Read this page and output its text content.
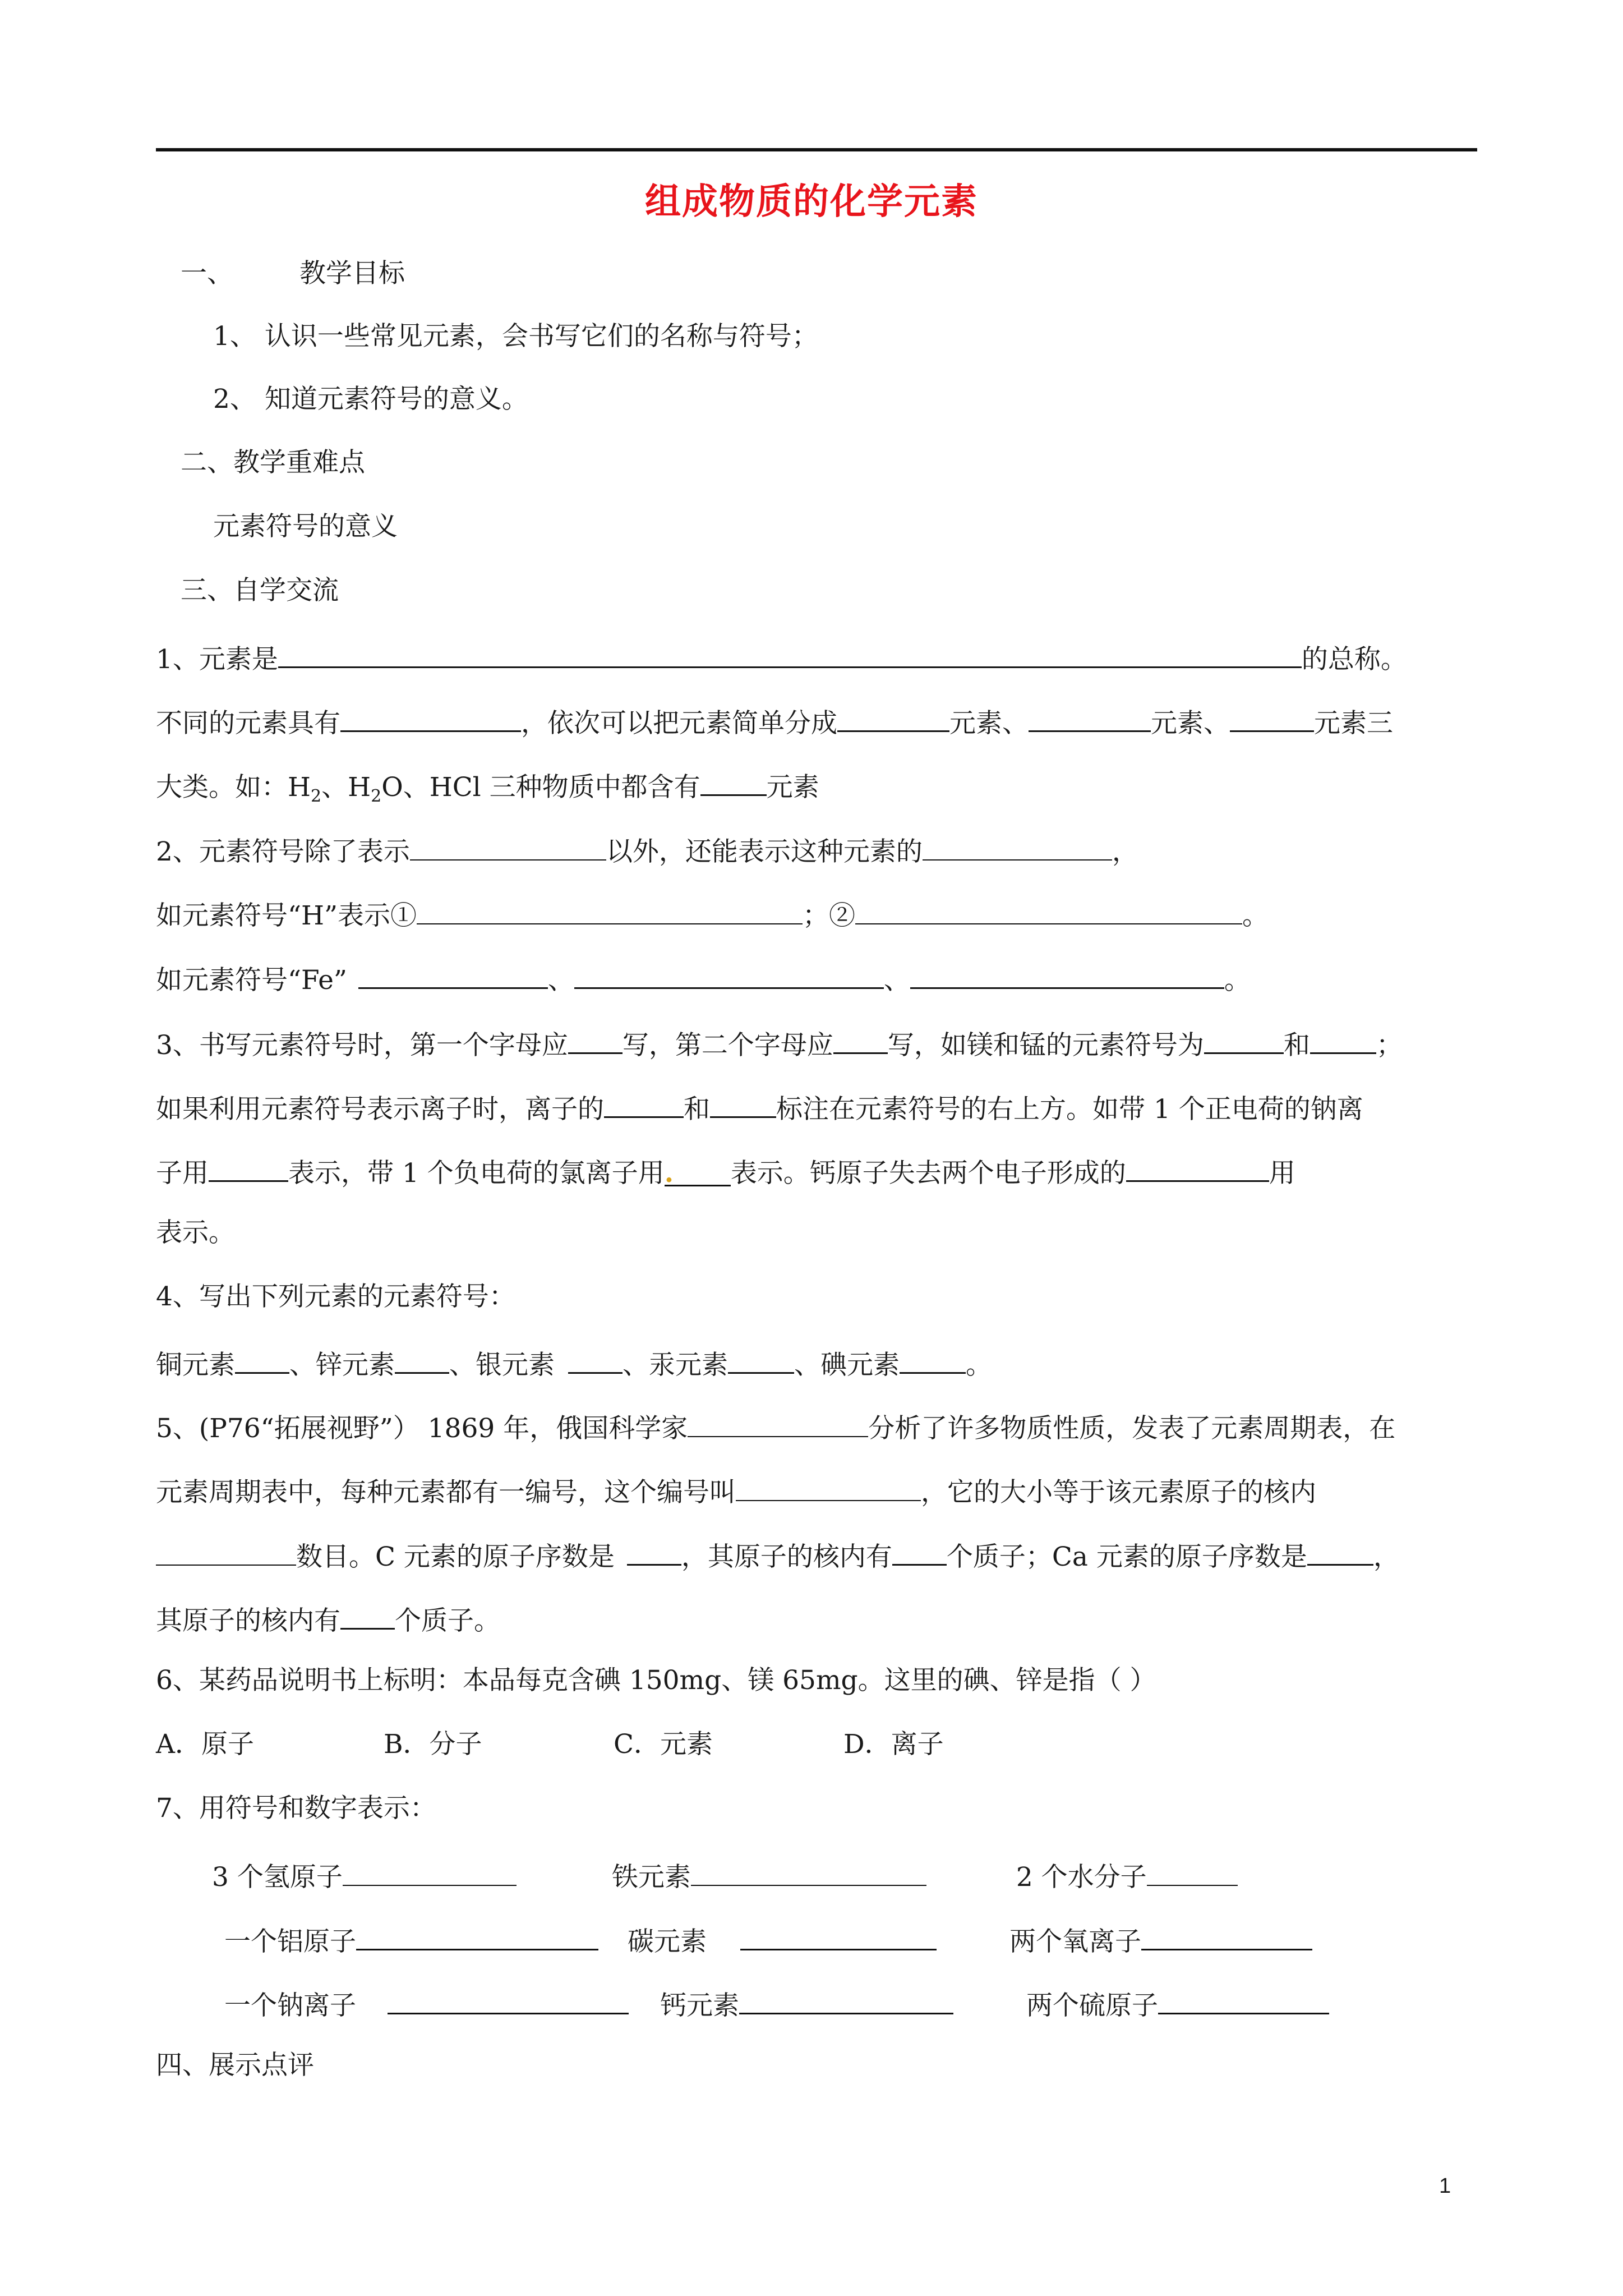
组成物质的化学元素
一、	教学目标
1、 认识一些常见元素，会书写它们的名称与符号；
2、 知道元素符号的意义。
二、教学重难点
元素符号的意义
三、自学交流
1、元素是	的总称。
不同的元素具有	，依次可以把元素简单分成	元素、	元素、	元素三
大类。如：$H_2$、$H_2O$、HCl 三种物质中都含有	元素
2、元素符号除了表示	以外，还能表示这种元素的	，
如元素符号“H”表示①	；②	。
如元素符号“Fe”	、	、	。
3、书写元素符号时，第一个字母应 写，第二个字母应 写，如镁和锰的元素符号为	和	；
如果利用元素符号表示离子时，离子的	和	标注在元素符号的右上方。如带 1 个正电荷的钠离
子用	表示，带 1 个负电荷的氯离子用. 表示。钙原子失去两个电子形成的	用
表示。
4、写出下列元素的元素符号：
铜元素 、锌元素 、银元素	、汞元素	、碘元素	。
5、(P76“拓展视野”） 1869 年，俄国科学家	分析了许多物质性质，发表了元素周期表，在
元素周期表中，每种元素都有一编号，这个编号叫	，它的大小等于该元素原子的核内
数目。C 元素的原子序数是	，其原子的核内有 个质子；Ca 元素的原子序数是	，
其原子的核内有 个质子。
6、某药品说明书上标明：本品每克含碘 150mg、镁 65mg。这里的碘、锌是指（ ）
A．原子	B．分子	C．元素	D．离子
7、用符号和数字表示：
3 个氢原子	铁元素	2 个水分子
一个铝原子	碳元素	两个氧离子
一个钠离子	钙元素	两个硫原子
四、展示点评
1
